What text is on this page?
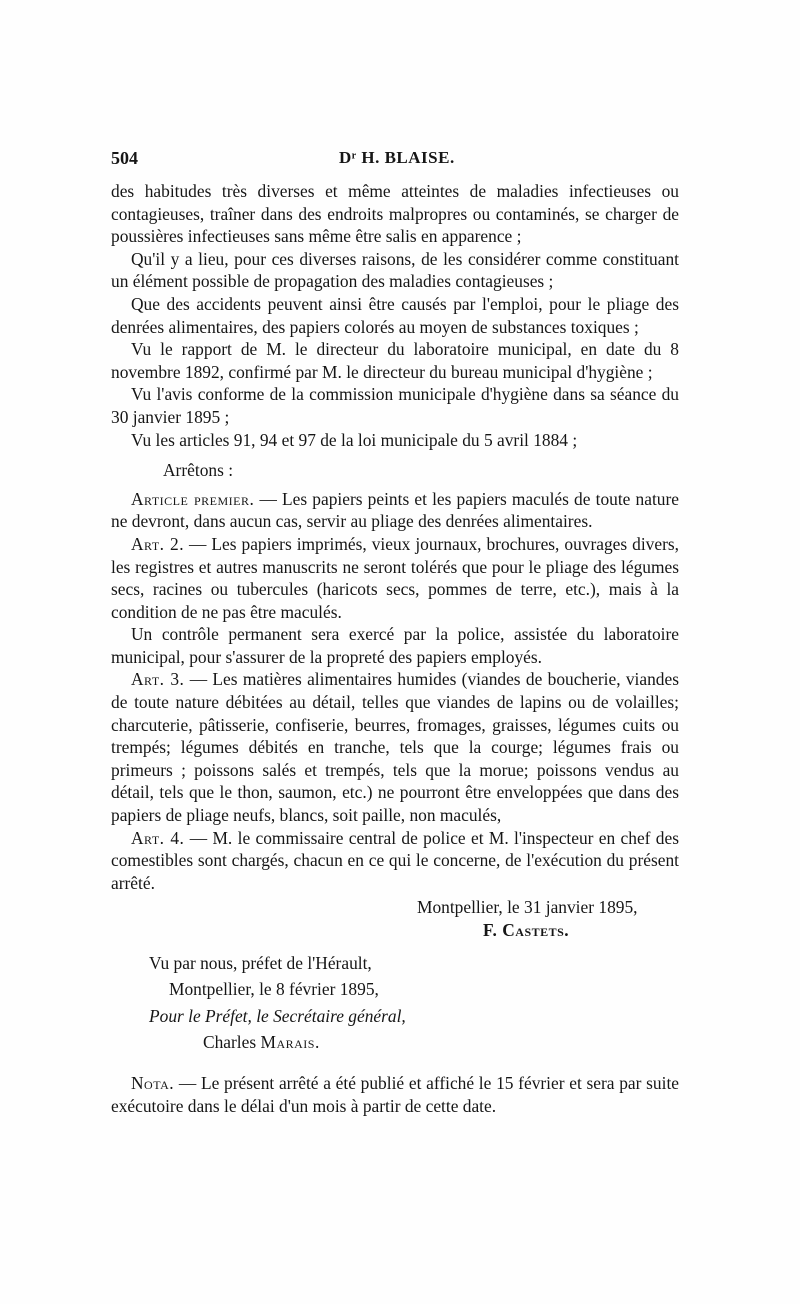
504	Dʳ H. BLAISE.

des habitudes très diverses et même atteintes de maladies infectieuses ou contagieuses, traîner dans des endroits malpropres ou contaminés, se charger de poussières infectieuses sans même être salis en apparence ;

Qu'il y a lieu, pour ces diverses raisons, de les considérer comme constituant un élément possible de propagation des maladies contagieuses ;

Que des accidents peuvent ainsi être causés par l'emploi, pour le pliage des denrées alimentaires, des papiers colorés au moyen de substances toxiques ;

Vu le rapport de M. le directeur du laboratoire municipal, en date du 8 novembre 1892, confirmé par M. le directeur du bureau municipal d'hygiène ;

Vu l'avis conforme de la commission municipale d'hygiène dans sa séance du 30 janvier 1895 ;

Vu les articles 91, 94 et 97 de la loi municipale du 5 avril 1884 ;

Arrêtons :

Article premier. — Les papiers peints et les papiers maculés de toute nature ne devront, dans aucun cas, servir au pliage des denrées alimentaires.

Art. 2. — Les papiers imprimés, vieux journaux, brochures, ouvrages divers, les registres et autres manuscrits ne seront tolérés que pour le pliage des légumes secs, racines ou tubercules (haricots secs, pommes de terre, etc.), mais à la condition de ne pas être maculés.

Un contrôle permanent sera exercé par la police, assistée du laboratoire municipal, pour s'assurer de la propreté des papiers employés.

Art. 3. — Les matières alimentaires humides (viandes de boucherie, viandes de toute nature débitées au détail, telles que viandes de lapins ou de volailles; charcuterie, pâtisserie, confiserie, beurres, fromages, graisses, légumes cuits ou trempés; légumes débités en tranche, tels que la courge; légumes frais ou primeurs ; poissons salés et trempés, tels que la morue; poissons vendus au détail, tels que le thon, saumon, etc.) ne pourront être enveloppées que dans des papiers de pliage neufs, blancs, soit paille, non maculés,

Art. 4. — M. le commissaire central de police et M. l'inspecteur en chef des comestibles sont chargés, chacun en ce qui le concerne, de l'exécution du présent arrêté.

Montpellier, le 31 janvier 1895,

F. Castets.

Vu par nous, préfet de l'Hérault,

Montpellier, le 8 février 1895,

Pour le Préfet, le Secrétaire général,

Charles Marais.

Nota. — Le présent arrêté a été publié et affiché le 15 février et sera par suite exécutoire dans le délai d'un mois à partir de cette date.
